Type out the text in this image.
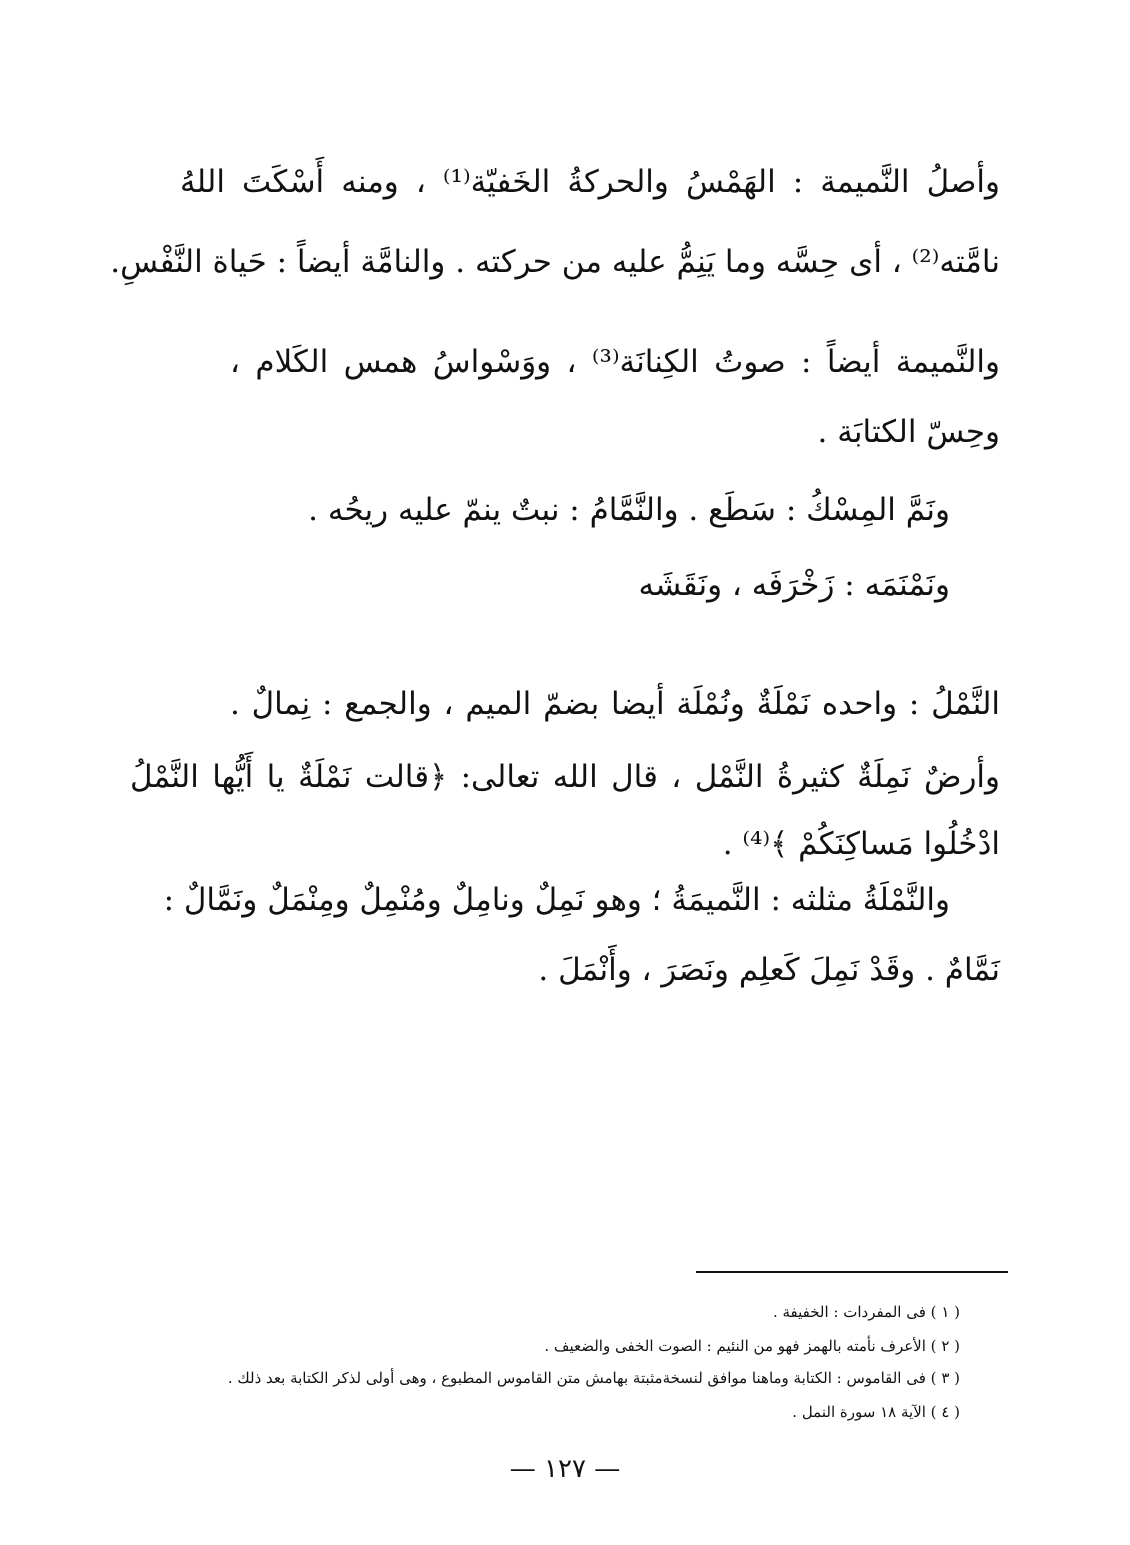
وأصلُ النَّميمة : الهَمْسُ والحركةُ الخَفيّة⁽¹⁾ ، ومنه أَسْكَتَ اللهُ
نامَّته⁽²⁾ ، أى حِسَّه وما يَنِمُّ عليه من حركته . والنامَّة أيضاً : حَياة النَّفْسِ.
والنَّميمة أيضاً : صوتُ الكِنانَة⁽³⁾ ، ووَسْواسُ همس الكَلام ،
وحِسّ الكتابَة .
ونَمَّ المِسْكُ : سَطَع . والنَّمَّامُ : نبتٌ ينمّ عليه ريحُه .
ونَمْنَمَه : زَخْرَفَه ، ونَقَشَه
النَّمْلُ : واحده نَمْلَةٌ ونُمْلَة أيضا بضمّ الميم ، والجمع : نِمالٌ .
وأرضٌ نَمِلَةٌ كثيرةُ النَّمْل ، قال الله تعالى: ﴿قالت نَمْلَةٌ يا أَيُّها النَّمْلُ
ادْخُلُوا مَساكِنَكُمْ ﴾⁽⁴⁾ .
والنَّمْلَةُ مثلثه : النَّميمَةُ ؛ وهو نَمِلٌ ونامِلٌ ومُنْمِلٌ ومِنْمَلٌ ونَمَّالٌ :
نَمَّامٌ . وقَدْ نَمِلَ كَعلِم ونَصَرَ ، وأَنْمَلَ .
( ١ ) فى المفردات : الخفيفة .
( ٢ ) الأعرف نأمته بالهمز فهو من النئيم : الصوت الخفى والضعيف .
( ٣ ) فى القاموس : الكتابة وماهنا موافق لنسخةمثبتة بهامش متن القاموس المطبوع ، وهى أولى لذكر الكتابة بعد ذلك .
( ٤ ) الآية ١٨ سورة النمل .
— ١٢٧ —
